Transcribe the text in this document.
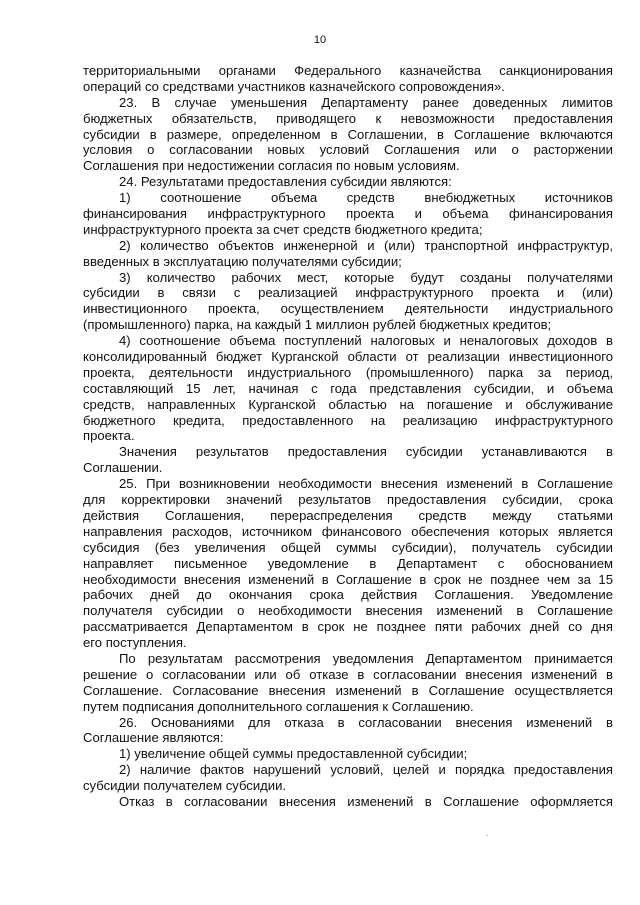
10
территориальными органами Федерального казначейства санкционирования
операций со средствами участников казначейского сопровождения».
23. В случае уменьшения Департаменту ранее доведенных лимитов
бюджетных обязательств, приводящего к невозможности предоставления
субсидии в размере, определенном в Соглашении, в Соглашение включаются
условия о согласовании новых условий Соглашения или о расторжении
Соглашения при недостижении согласия по новым условиям.
24. Результатами предоставления субсидии являются:
1) соотношение объема средств внебюджетных источников
финансирования инфраструктурного проекта и объема финансирования
инфраструктурного проекта за счет средств бюджетного кредита;
2) количество объектов инженерной и (или) транспортной инфраструктур,
введенных в эксплуатацию получателями субсидии;
3) количество рабочих мест, которые будут созданы получателями
субсидии в связи с реализацией инфраструктурного проекта и (или)
инвестиционного проекта, осуществлением деятельности индустриального
(промышленного) парка, на каждый 1 миллион рублей бюджетных кредитов;
4) соотношение объема поступлений налоговых и неналоговых доходов в
консолидированный бюджет Курганской области от реализации инвестиционного
проекта, деятельности индустриального (промышленного) парка за период,
составляющий 15 лет, начиная с года представления субсидии, и объема
средств, направленных Курганской областью на погашение и обслуживание
бюджетного кредита, предоставленного на реализацию инфраструктурного
проекта.
Значения результатов предоставления субсидии устанавливаются в
Соглашении.
25. При возникновении необходимости внесения изменений в Соглашение
для корректировки значений результатов предоставления субсидии, срока
действия Соглашения, перераспределения средств между статьями
направления расходов, источником финансового обеспечения которых является
субсидия (без увеличения общей суммы субсидии), получатель субсидии
направляет письменное уведомление в Департамент с обоснованием
необходимости внесения изменений в Соглашение в срок не позднее чем за 15
рабочих дней до окончания срока действия Соглашения. Уведомление
получателя субсидии о необходимости внесения изменений в Соглашение
рассматривается Департаментом в срок не позднее пяти рабочих дней со дня
его поступления.
По результатам рассмотрения уведомления Департаментом принимается
решение о согласовании или об отказе в согласовании внесения изменений в
Соглашение. Согласование внесения изменений в Соглашение осуществляется
путем подписания дополнительного соглашения к Соглашению.
26. Основаниями для отказа в согласовании внесения изменений в
Соглашение являются:
1) увеличение общей суммы предоставленной субсидии;
2) наличие фактов нарушений условий, целей и порядка предоставления
субсидии получателем субсидии.
Отказ в согласовании внесения изменений в Соглашение оформляется
